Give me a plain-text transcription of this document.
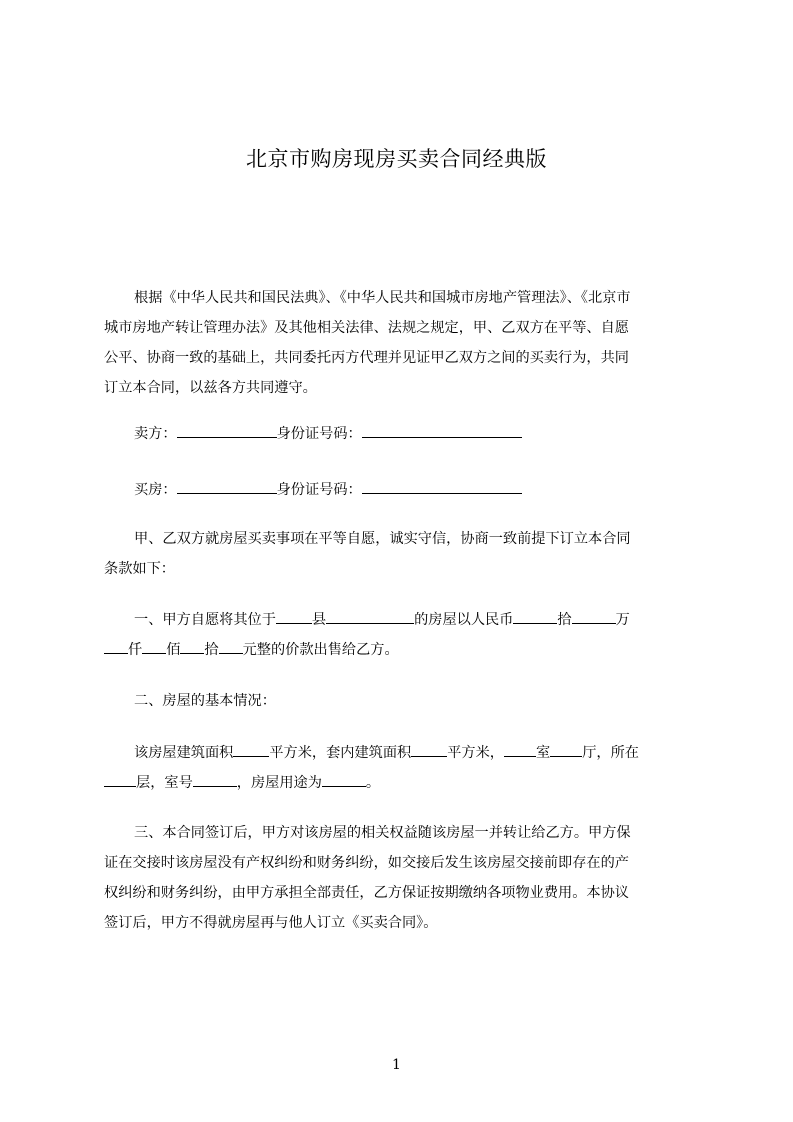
北京市购房现房买卖合同经典版
根据《中华人民共和国民法典》、《中华人民共和国城市房地产管理法》、《北京市
城市房地产转让管理办法》及其他相关法律、法规之规定，甲、乙双方在平等、自愿
公平、协商一致的基础上，共同委托丙方代理并见证甲乙双方之间的买卖行为，共同
订立本合同，以兹各方共同遵守。
卖方：	身份证号码：
买房：	身份证号码：
甲、乙双方就房屋买卖事项在平等自愿，诚实守信，协商一致前提下订立本合同
条款如下：
一、甲方自愿将其位于	县	的房屋以人民币	拾	万
仟 佰 拾 元整的价款出售给乙方。
二、房屋的基本情况：
该房屋建筑面积	平方米，套内建筑面积	平方米， 室 厅，所在
层，室号	，房屋用途为	。
三、本合同签订后，甲方对该房屋的相关权益随该房屋一并转让给乙方。甲方保
证在交接时该房屋没有产权纠纷和财务纠纷，如交接后发生该房屋交接前即存在的产
权纠纷和财务纠纷，由甲方承担全部责任，乙方保证按期缴纳各项物业费用。本协议
签订后，甲方不得就房屋再与他人订立《买卖合同》。
1
